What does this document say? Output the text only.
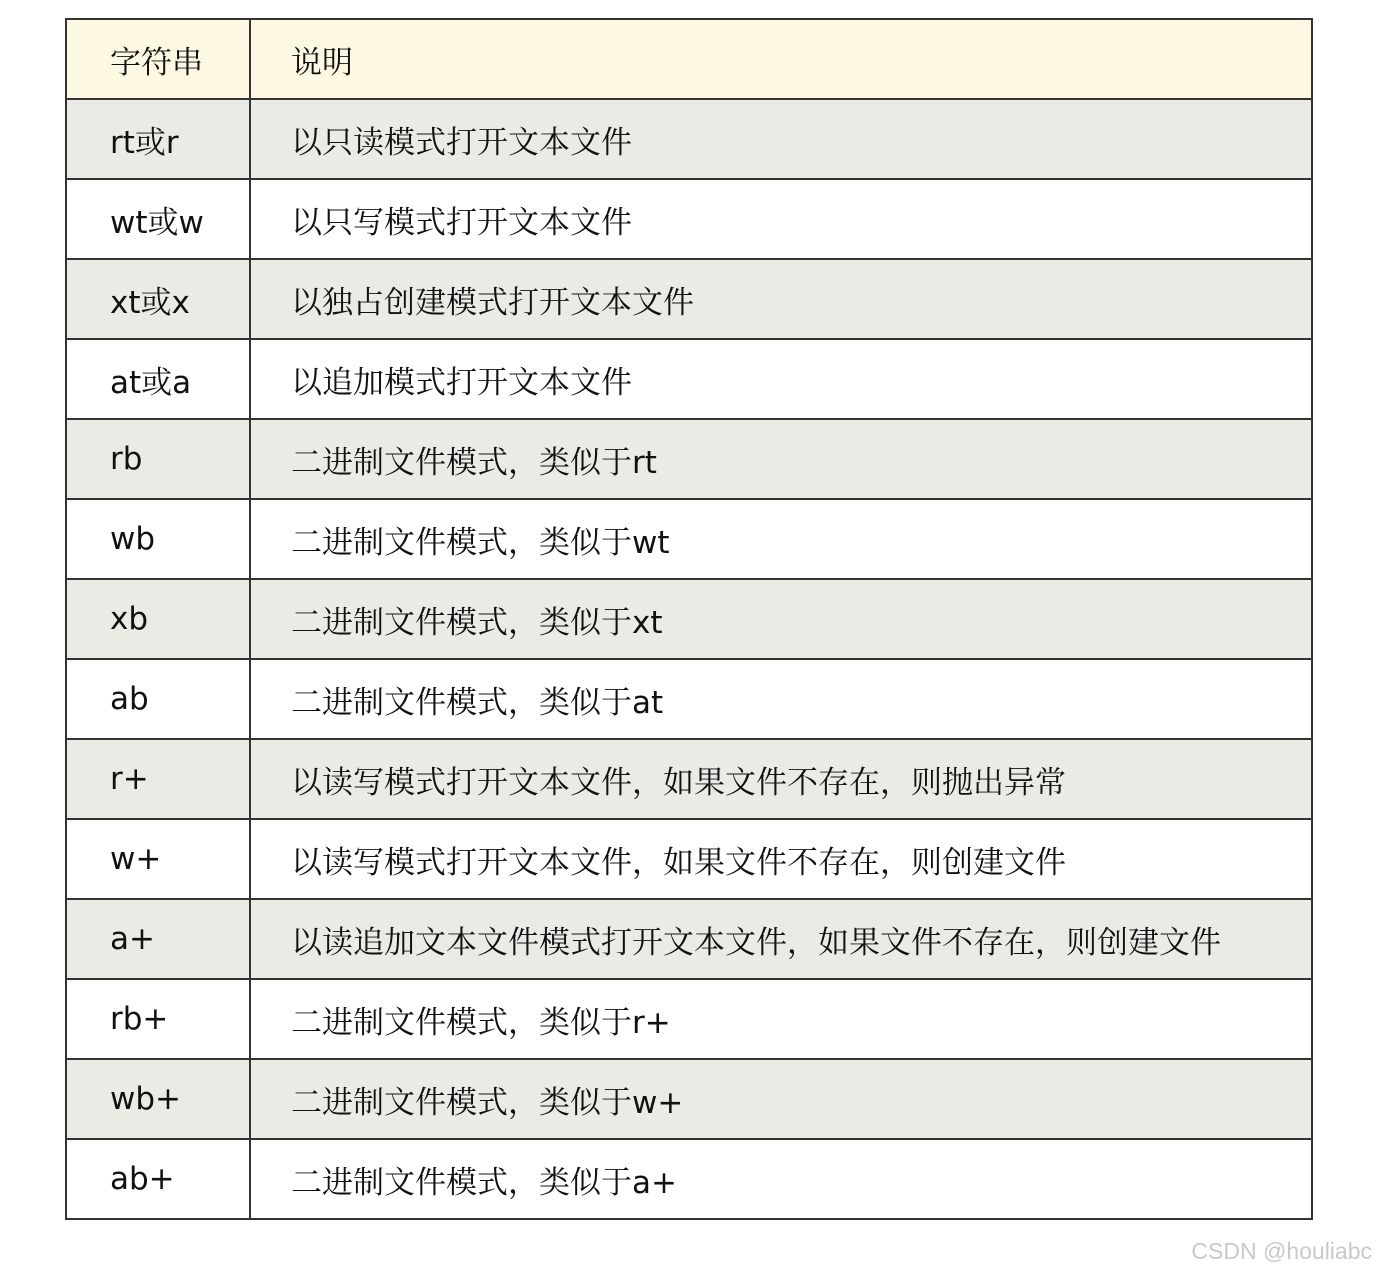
字符串	说明
rt或r	以只读模式打开文本文件
wt或w	以只写模式打开文本文件
xt或x	以独占创建模式打开文本文件
at或a	以追加模式打开文本文件
rb	二进制文件模式，类似于rt
wb	二进制文件模式，类似于wt
xb	二进制文件模式，类似于xt
ab	二进制文件模式，类似于at
r+	以读写模式打开文本文件，如果文件不存在，则抛出异常
w+	以读写模式打开文本文件，如果文件不存在，则创建文件
a+	以读追加文本文件模式打开文本文件，如果文件不存在，则创建文件
rb+	二进制文件模式，类似于r+
wb+	二进制文件模式，类似于w+
ab+	二进制文件模式，类似于a+
CSDN @houliabc
